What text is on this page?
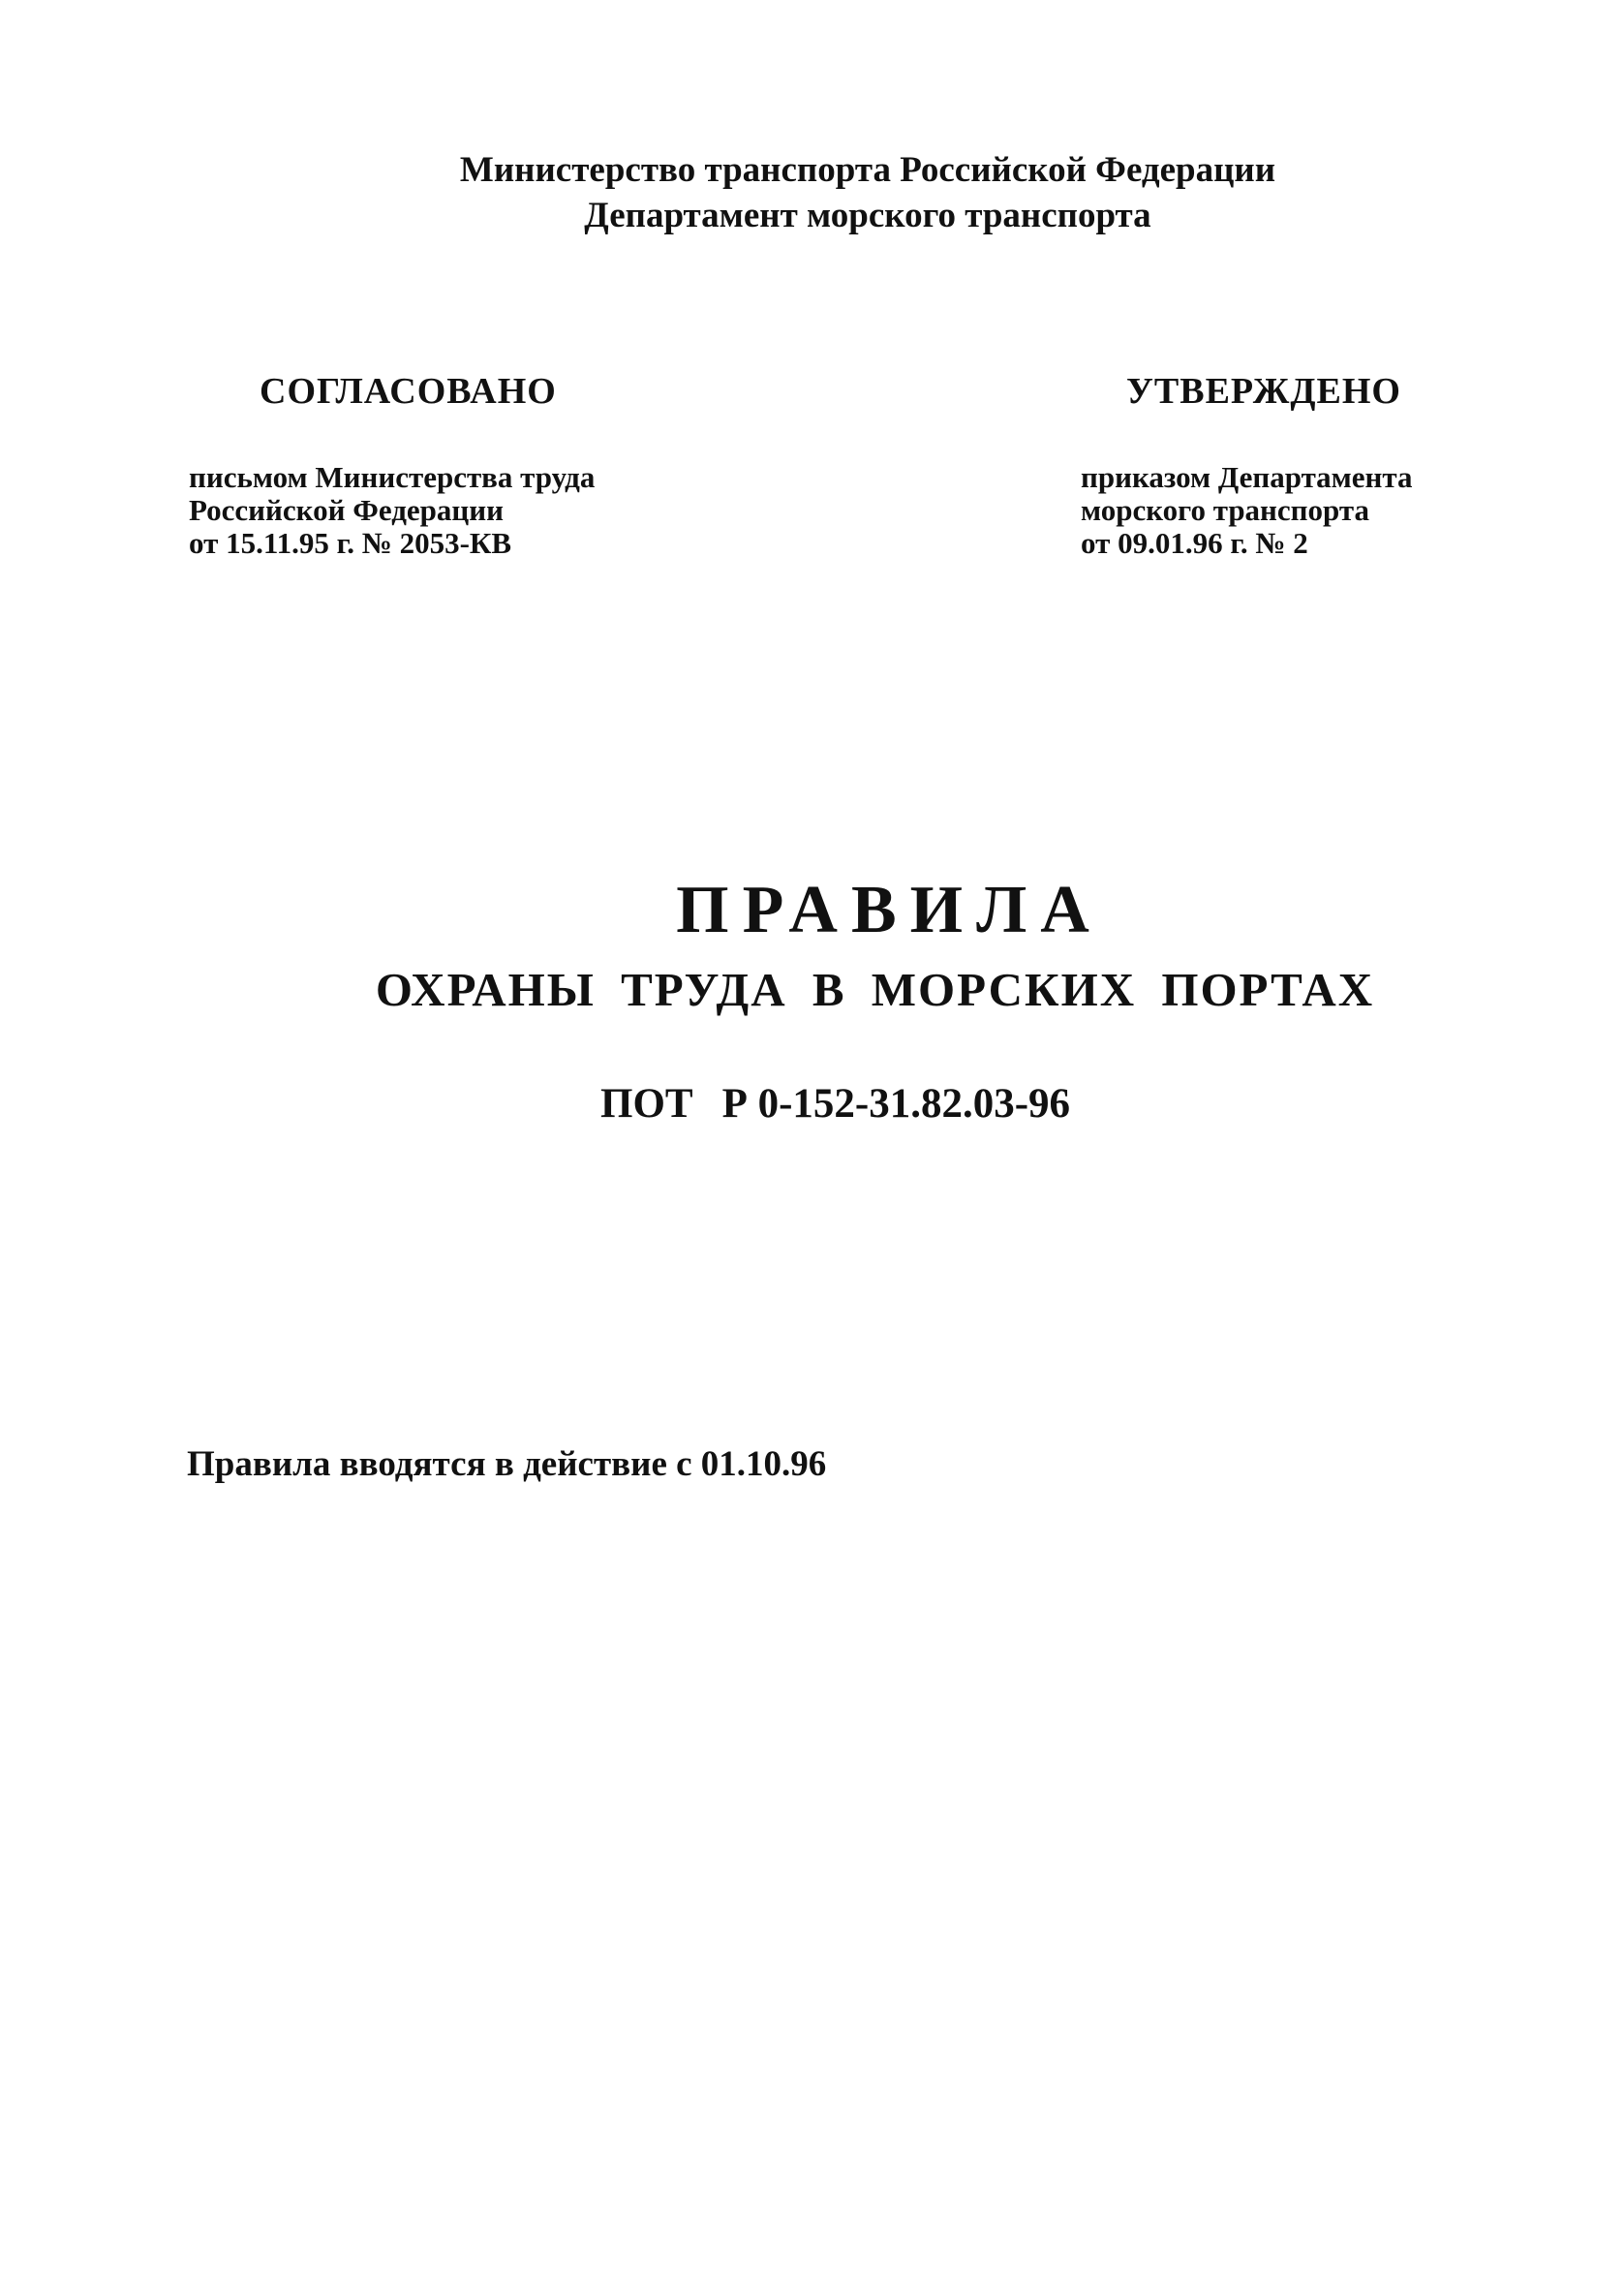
Министерство транспорта Российской Федерации
Департамент морского транспорта
СОГЛАСОВАНО	УТВЕРЖДЕНО
письмом Министерства труда
Российской Федерации
от 15.11.95 г. № 2053-КВ
приказом Департамента
морского транспорта
от 09.01.96 г. № 2
ПРАВИЛА
ОХРАНЫ ТРУДА В МОРСКИХ ПОРТАХ
ПОТ Р 0-152-31.82.03-96
Правила вводятся в действие с 01.10.96
